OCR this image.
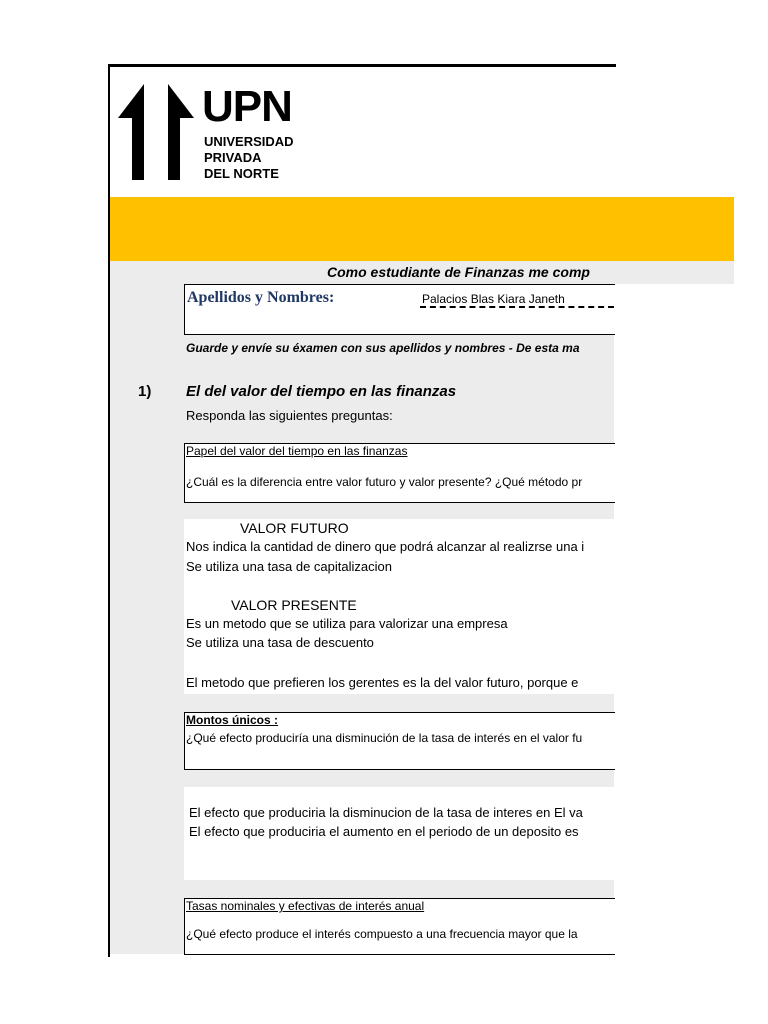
UPN
UNIVERSIDAD
PRIVADA
DEL NORTE
Como estudiante de Finanzas me comp
Apellidos y Nombres:	Palacios Blas Kiara Janeth
Guarde y envíe su éxamen con sus apellidos y nombres - De esta ma
1) El del valor del tiempo en las finanzas
Responda las siguientes preguntas:
Papel del valor del tiempo en las finanzas
¿Cuál es la diferencia entre valor futuro y valor presente? ¿Qué método pr
VALOR FUTURO
Nos indica la cantidad de dinero que podrá alcanzar al realizrse una i
Se utiliza una tasa de capitalizacion
VALOR PRESENTE
Es un metodo que se utiliza para valorizar una empresa
Se utiliza una tasa de descuento
El metodo que prefieren los gerentes es la del valor futuro, porque e
Montos únicos :
¿Qué efecto produciría una disminución de la tasa de interés en el valor fu
El efecto que produciria la disminucion de la tasa de interes en El va
El efecto que produciria el aumento en el periodo de un deposito es
Tasas nominales y efectivas de interés anual
¿Qué efecto produce el interés compuesto a una frecuencia mayor que la
